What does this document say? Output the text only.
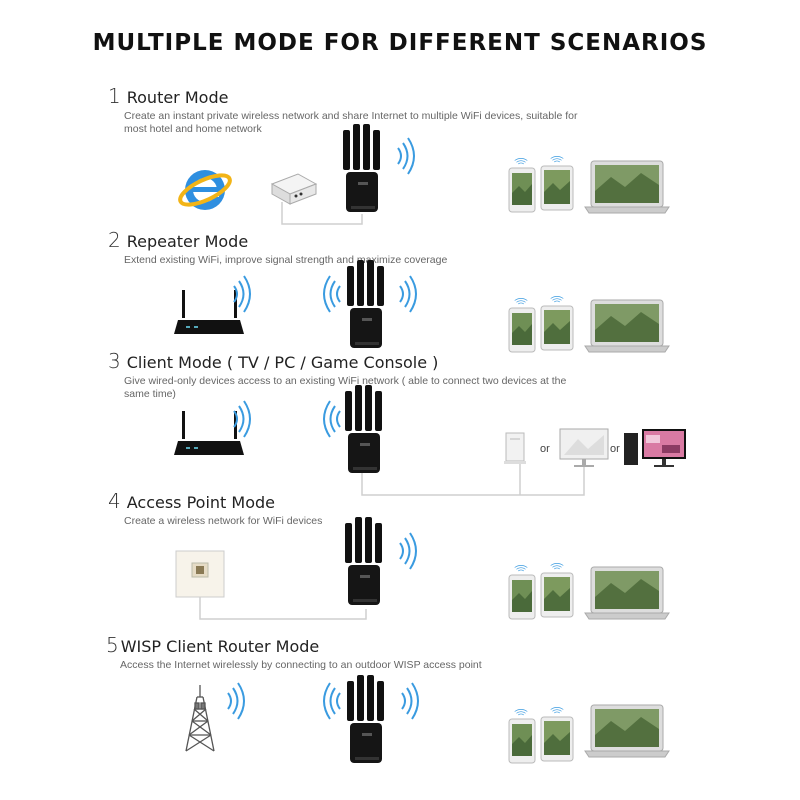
MULTIPLE MODE FOR DIFFERENT SCENARIOS
1 Router Mode
Create an instant private wireless network and share Internet to multiple WiFi devices, suitable for most hotel and home network
2 Repeater Mode
Extend existing WiFi, improve signal strength and maximize coverage
3 Client Mode ( TV / PC / Game Console )
Give wired-only devices access to an existing WiFi network ( able to connect two devices at the same time)
or	or
4 Access Point Mode
Create a wireless network for WiFi devices
5 WISP Client Router Mode
Access the Internet wirelessly by connecting to an outdoor WISP access point
